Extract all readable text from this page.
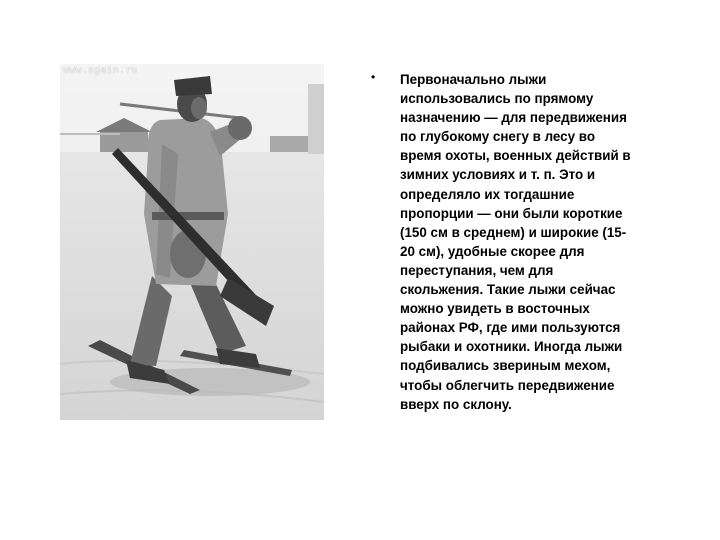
www.sgain.ru	• Первоначально лыжи
использовались по прямому
назначению — для передвижения
по глубокому снегу в лесу во
время охоты, военных действий в
зимних условиях и т. п. Это и
определяло их тогдашние
пропорции — они были короткие
(150 см в среднем) и широкие (15-
20 см), удобные скорее для
переступания, чем для
скольжения. Такие лыжи сейчас
можно увидеть в восточных
районах РФ, где ими пользуются
рыбаки и охотники. Иногда лыжи
подбивались звериным мехом,
чтобы облегчить передвижение
вверх по склону.
